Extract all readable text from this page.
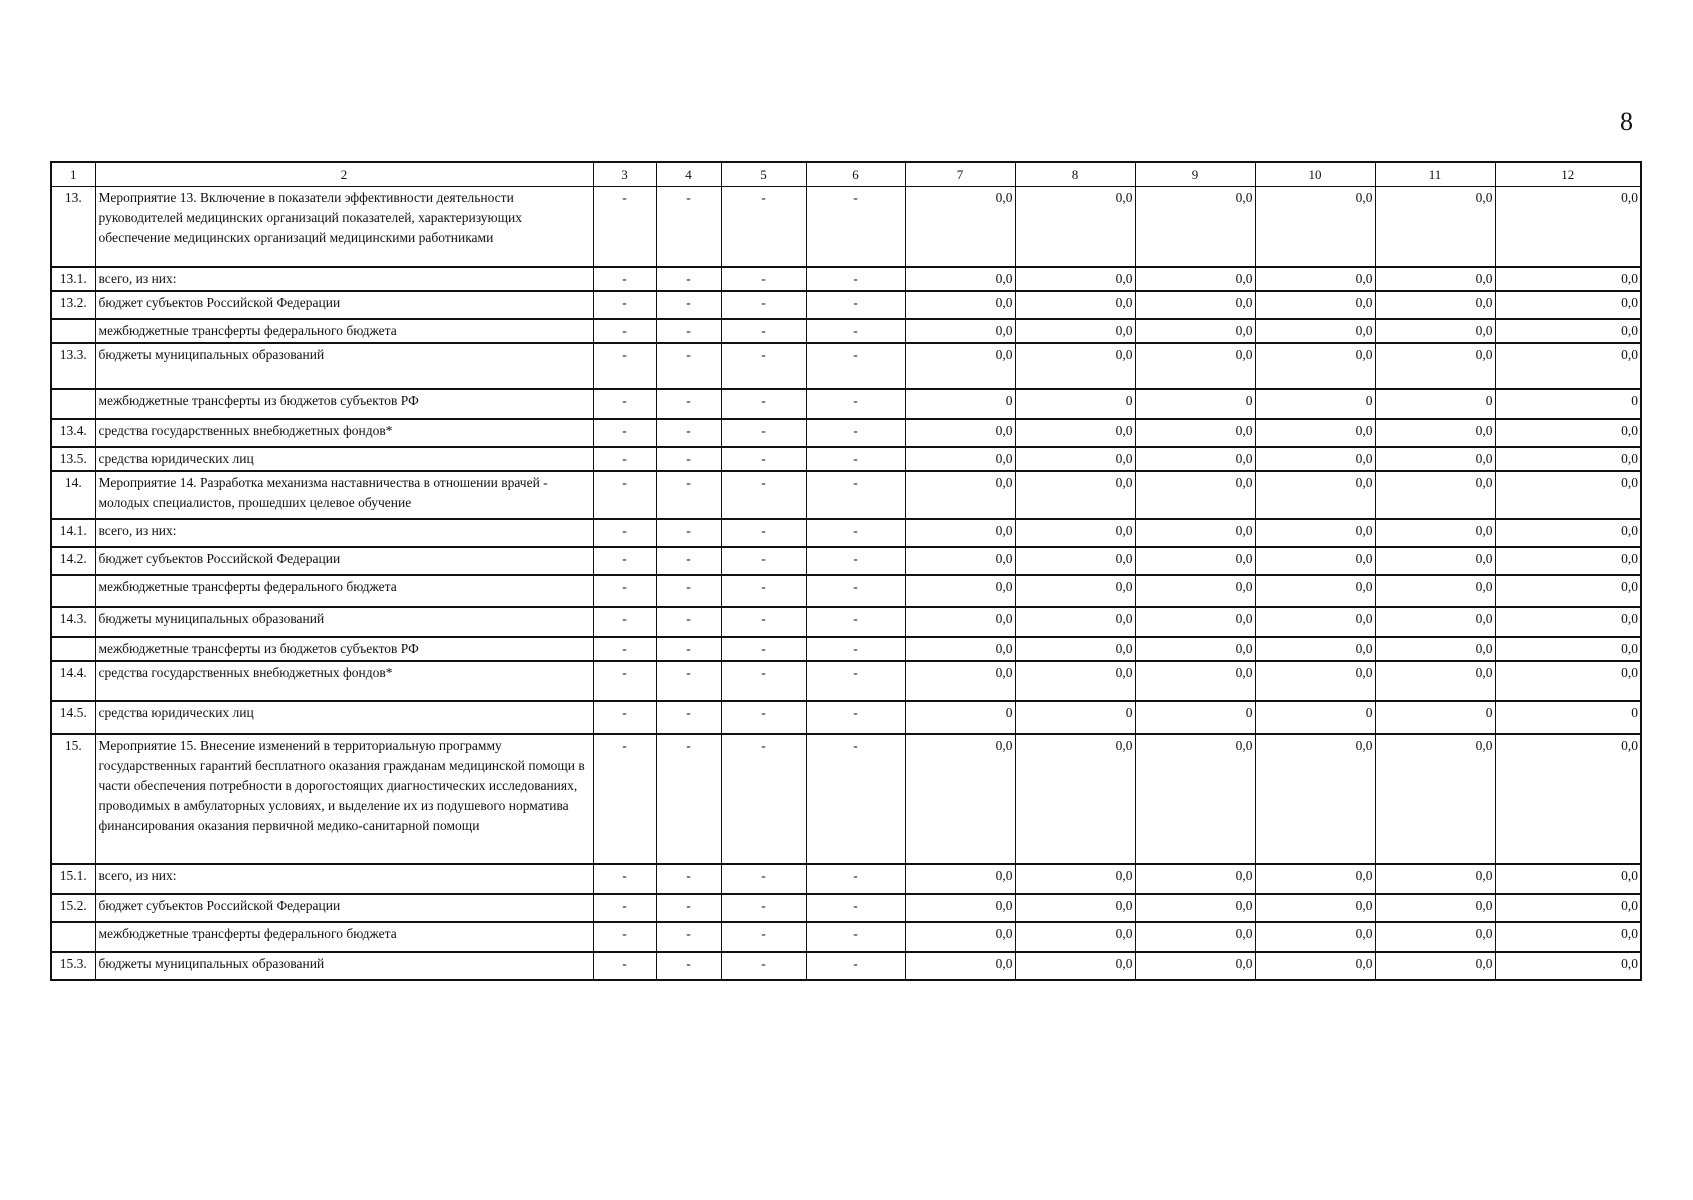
8
1	2	3	4	5	6	7	8	9	10	11	12
13.	Мероприятие 13. Включение в показатели эффективности деятельности руководителей медицинских организаций показателей, характеризующих обеспечение медицинских организаций медицинскими работниками	-	-	-	-	0,0	0,0	0,0	0,0	0,0	0,0
13.1.	всего, из них:	-	-	-	-	0,0	0,0	0,0	0,0	0,0	0,0
13.2.	бюджет субъектов Российской Федерации	-	-	-	-	0,0	0,0	0,0	0,0	0,0	0,0
	межбюджетные трансферты федерального бюджета	-	-	-	-	0,0	0,0	0,0	0,0	0,0	0,0
13.3.	бюджеты муниципальных образований	-	-	-	-	0,0	0,0	0,0	0,0	0,0	0,0
	межбюджетные трансферты из бюджетов субъектов РФ	-	-	-	-	0	0	0	0	0	0
13.4.	средства государственных внебюджетных фондов*	-	-	-	-	0,0	0,0	0,0	0,0	0,0	0,0
13.5.	средства юридических лиц	-	-	-	-	0,0	0,0	0,0	0,0	0,0	0,0
14.	Мероприятие 14. Разработка механизма наставничества в отношении врачей - молодых специалистов, прошедших целевое обучение	-	-	-	-	0,0	0,0	0,0	0,0	0,0	0,0
14.1.	всего, из них:	-	-	-	-	0,0	0,0	0,0	0,0	0,0	0,0
14.2.	бюджет субъектов Российской Федерации	-	-	-	-	0,0	0,0	0,0	0,0	0,0	0,0
	межбюджетные трансферты федерального бюджета	-	-	-	-	0,0	0,0	0,0	0,0	0,0	0,0
14.3.	бюджеты муниципальных образований	-	-	-	-	0,0	0,0	0,0	0,0	0,0	0,0
	межбюджетные трансферты из бюджетов субъектов РФ	-	-	-	-	0,0	0,0	0,0	0,0	0,0	0,0
14.4.	средства государственных внебюджетных фондов*	-	-	-	-	0,0	0,0	0,0	0,0	0,0	0,0
14.5.	средства юридических лиц	-	-	-	-	0	0	0	0	0	0
15.	Мероприятие 15. Внесение изменений в территориальную программу государственных гарантий бесплатного оказания гражданам медицинской помощи в части обеспечения потребности в дорогостоящих диагностических исследованиях, проводимых в амбулаторных условиях, и выделение их из подушевого норматива финансирования оказания первичной медико-санитарной помощи	-	-	-	-	0,0	0,0	0,0	0,0	0,0	0,0
15.1.	всего, из них:	-	-	-	-	0,0	0,0	0,0	0,0	0,0	0,0
15.2.	бюджет субъектов Российской Федерации	-	-	-	-	0,0	0,0	0,0	0,0	0,0	0,0
	межбюджетные трансферты федерального бюджета	-	-	-	-	0,0	0,0	0,0	0,0	0,0	0,0
15.3.	бюджеты муниципальных образований	-	-	-	-	0,0	0,0	0,0	0,0	0,0	0,0
